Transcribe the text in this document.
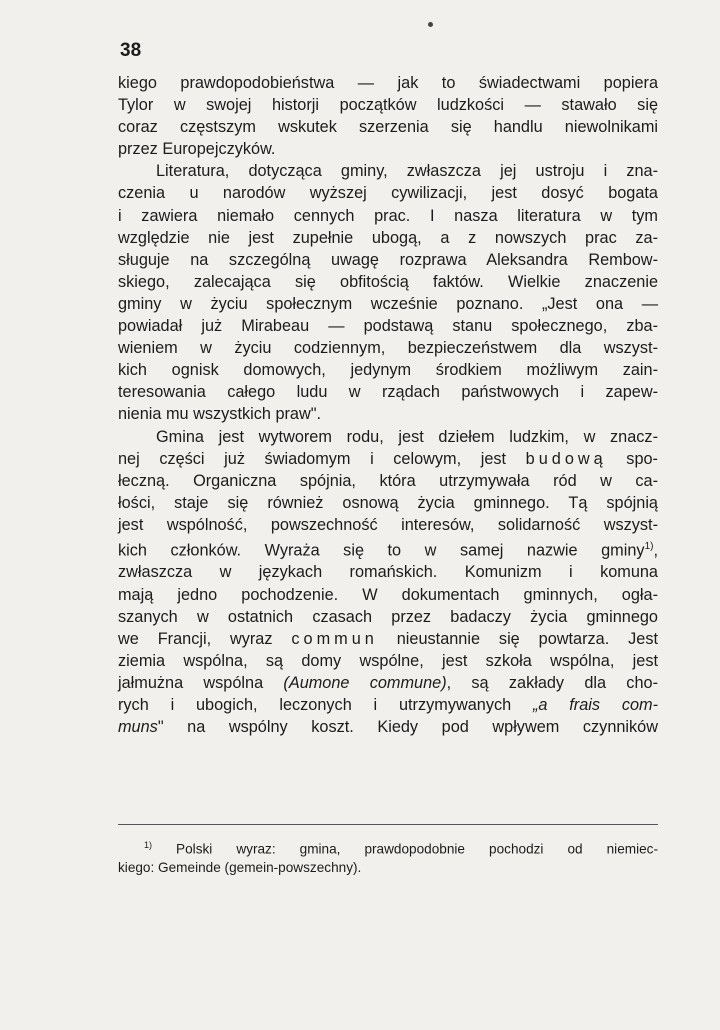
38
kiego prawdopodobieństwa — jak to świadectwami popiera
Tylor w swojej historji początków ludzkości — stawało się
coraz częstszym wskutek szerzenia się handlu niewolnikami
przez Europejczyków.
Literatura, dotycząca gminy, zwłaszcza jej ustroju i zna-
czenia u narodów wyższej cywilizacji, jest dosyć bogata
i zawiera niemało cennych prac. I nasza literatura w tym
względzie nie jest zupełnie ubogą, a z nowszych prac za-
sługuje na szczególną uwagę rozprawa Aleksandra Rembow-
skiego, zalecająca się obfitością faktów. Wielkie znaczenie
gminy w życiu społecznym wcześnie poznano. „Jest ona —
powiadał już Mirabeau — podstawą stanu społecznego, zba-
wieniem w życiu codziennym, bezpieczeństwem dla wszyst-
kich ognisk domowych, jedynym środkiem możliwym zain-
teresowania całego ludu w rządach państwowych i zapew-
nienia mu wszystkich praw".
Gmina jest wytworem rodu, jest dziełem ludzkim, w znacz-
nej części już świadomym i celowym, jest budową spo-
łeczną. Organiczna spójnia, która utrzymywała ród w ca-
łości, staje się również osnową życia gminnego. Tą spójnią
jest wspólność, powszechność interesów, solidarność wszyst-
kich członków. Wyraża się to w samej nazwie gminy$^{1)}$,
zwłaszcza w językach romańskich. Komunizm i komuna
mają jedno pochodzenie. W dokumentach gminnych, ogła-
szanych w ostatnich czasach przez badaczy życia gminnego
we Francji, wyraz commun nieustannie się powtarza. Jest
ziemia wspólna, są domy wspólne, jest szkoła wspólna, jest
jałmużna wspólna (Aumone commune), są zakłady dla cho-
rych i ubogich, leczonych i utrzymywanych „a frais com-
muns" na wspólny koszt. Kiedy pod wpływem czynników
$^{1)}$ Polski wyraz: gmina, prawdopodobnie pochodzi od niemiec-
kiego: Gemeinde (gemein-powszechny).
